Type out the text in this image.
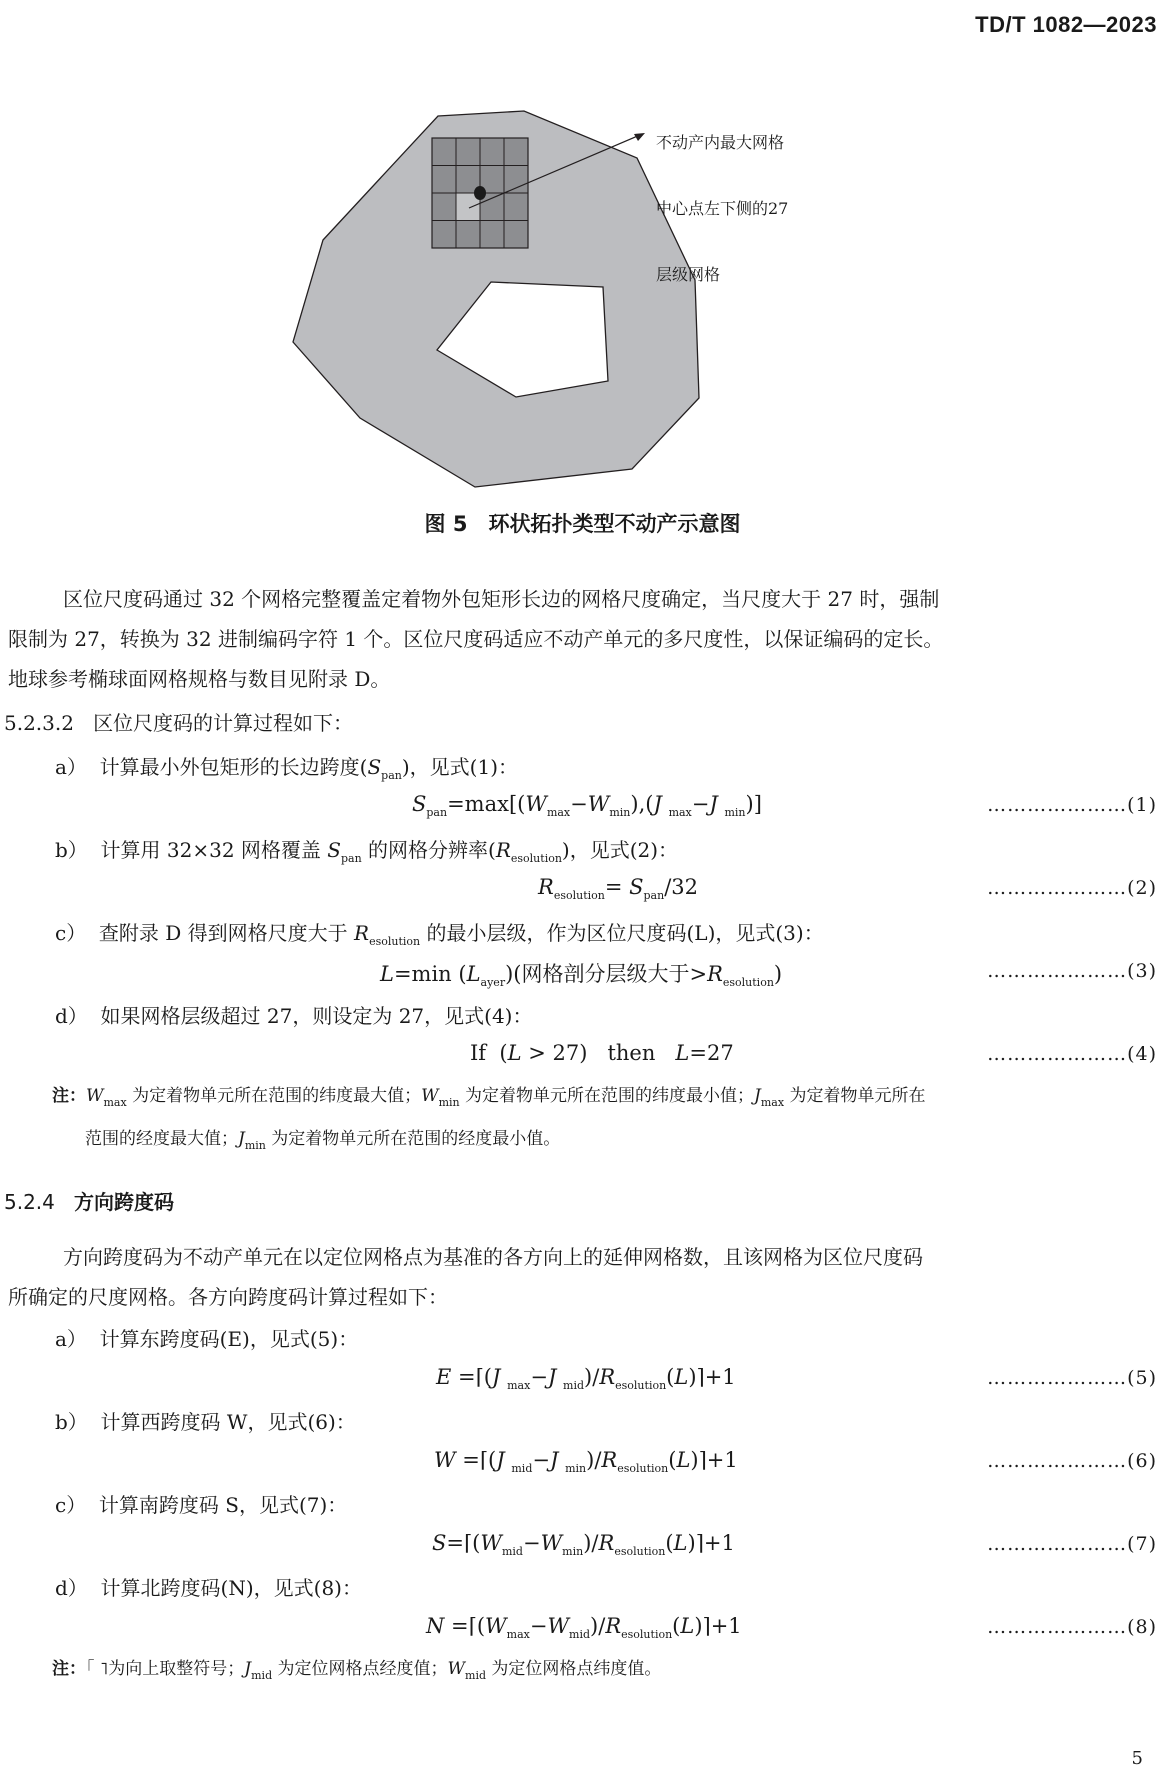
TD/T 1082—2023

不动产内最大网格

中心点左下侧的27

层级网格

图 5　环状拓扑类型不动产示意图
区位尺度码通过 32 个网格完整覆盖定着物外包矩形长边的网格尺度确定，当尺度大于 27 时，强制
限制为 27，转换为 32 进制编码字符 1 个。区位尺度码适应不动产单元的多尺度性，以保证编码的定长。
地球参考椭球面网格规格与数目见附录 D。
5.2.3.2 区位尺度码的计算过程如下：
a） 计算最小外包矩形的长边跨度$(S_{pan})$，见式(1)：
$S_{pan}=\max[(W_{max}-W_{min}),(J$ $_{max}$−J $_{min}$)]	…………………(1)
b） 计算用 32×32 网格覆盖 $S_{pan}$ 的网格分辨率$(R_{esolution})$，见式(2)：
$R_{esolution}= S_{pan}/32$	…………………(2)
c） 查附录 D 得到网格尺度大于 $R_{esolution}$ 的最小层级，作为区位尺度码(L)，见式(3)：
L=min $(L_{ayer})$(网格剖分层级大于$>R_{esolution}$)	…………………(3)
d） 如果网格层级超过 27，则设定为 27，见式(4)：
If  (L > 27)   then   L=27	…………………(4)
注：$W_{max}$ 为定着物单元所在范围的纬度最大值；$W_{min}$ 为定着物单元所在范围的纬度最小值；$J_{max}$ 为定着物单元所在
范围的经度最大值；$J_{min}$ 为定着物单元所在范围的经度最小值。
5.2.4 方向跨度码
方向跨度码为不动产单元在以定位网格点为基准的各方向上的延伸网格数，且该网格为区位尺度码
所确定的尺度网格。各方向跨度码计算过程如下：
a） 计算东跨度码(E)，见式(5)：
E =⌈(J $_{max}$−J $_{mid})/R_{esolution}(L)⌉+1$	…………………(5)
b） 计算西跨度码 W，见式(6)：
W =⌈(J $_{mid}$−J $_{min})/R_{esolution}(L)⌉+1$	…………………(6)
c） 计算南跨度码 S，见式(7)：
$S=⌈(W_{mid}-W_{min})/R_{esolution}(L)⌉+1$	…………………(7)
d） 计算北跨度码(N)，见式(8)：
$N =⌈(W_{max}-W_{mid})/R_{esolution}(L)⌉+1$	…………………(8)
注：「 ˥为向上取整符号；$J_{mid}$ 为定位网格点经度值；$W_{mid}$ 为定位网格点纬度值。
5
